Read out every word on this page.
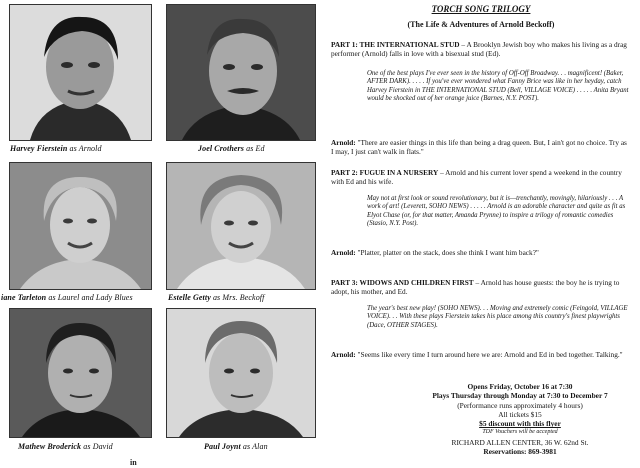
Harvey Fierstein as Arnold	Joel Crothers as Ed
iane Tarleton as Laurel and Lady Blues	Estelle Getty as Mrs. Beckoff
Mathew Broderick as David	Paul Joynt as Alan
in
TORCH SONG TRILOGY
(The Life & Adventures of Arnold Beckoff)
PART 1: THE INTERNATIONAL STUD – A Brooklyn Jewish boy who makes his living as a drag performer (Arnold) falls in love with a bisexual stud (Ed).
One of the best plays I've ever seen in the history of Off-Off Broadway. . . magnificent! (Baker, AFTER DARK). . . . . If you've ever wondered what Fanny Brice was like in her heyday, catch Harvey Fierstein in THE INTERNATIONAL STUD (Bell, VILLAGE VOICE) . . . . . Anita Bryant would be shocked out of her orange juice (Barnes, N.Y. POST).
Arnold: "There are easier things in this life than being a drag queen. But, I ain't got no choice. Try as I may, I just can't walk in flats."
PART 2: FUGUE IN A NURSERY – Arnold and his current lover spend a weekend in the country with Ed and his wife.
May not at first look or sound revolutionary, but it is—trenchantly, movingly, hilariously . . . A work of art! (Leverett, SOHO NEWS) . . . . . Arnold is an adorable character and quite as fit as Elyot Chase (or, for that matter, Amanda Prynne) to inspire a trilogy of romantic comedies (Stasio, N.Y. Post).
Arnold: "Platter, platter on the stack, does she think I want him back?"
PART 3: WIDOWS AND CHILDREN FIRST – Arnold has house guests: the boy he is trying to adopt, his mother, and Ed.
The year's best new play! (SOHO NEWS). . . Moving and extremely comic (Feingold, VILLAGE VOICE). . . With these plays Fierstein takes his place among this country's finest playwrights (Dace, OTHER STAGES).
Arnold: "Seems like every time I turn around here we are: Arnold and Ed in bed together. Talking."
Opens Friday, October 16 at 7:30
Plays Thursday through Monday at 7:30 to December 7
(Performance runs approximately 4 hours)
All tickets $15
$5 discount with this flyer
TDF Vouchers will be accepted
RICHARD ALLEN CENTER, 36 W. 62nd St.
Reservations: 869-3981
